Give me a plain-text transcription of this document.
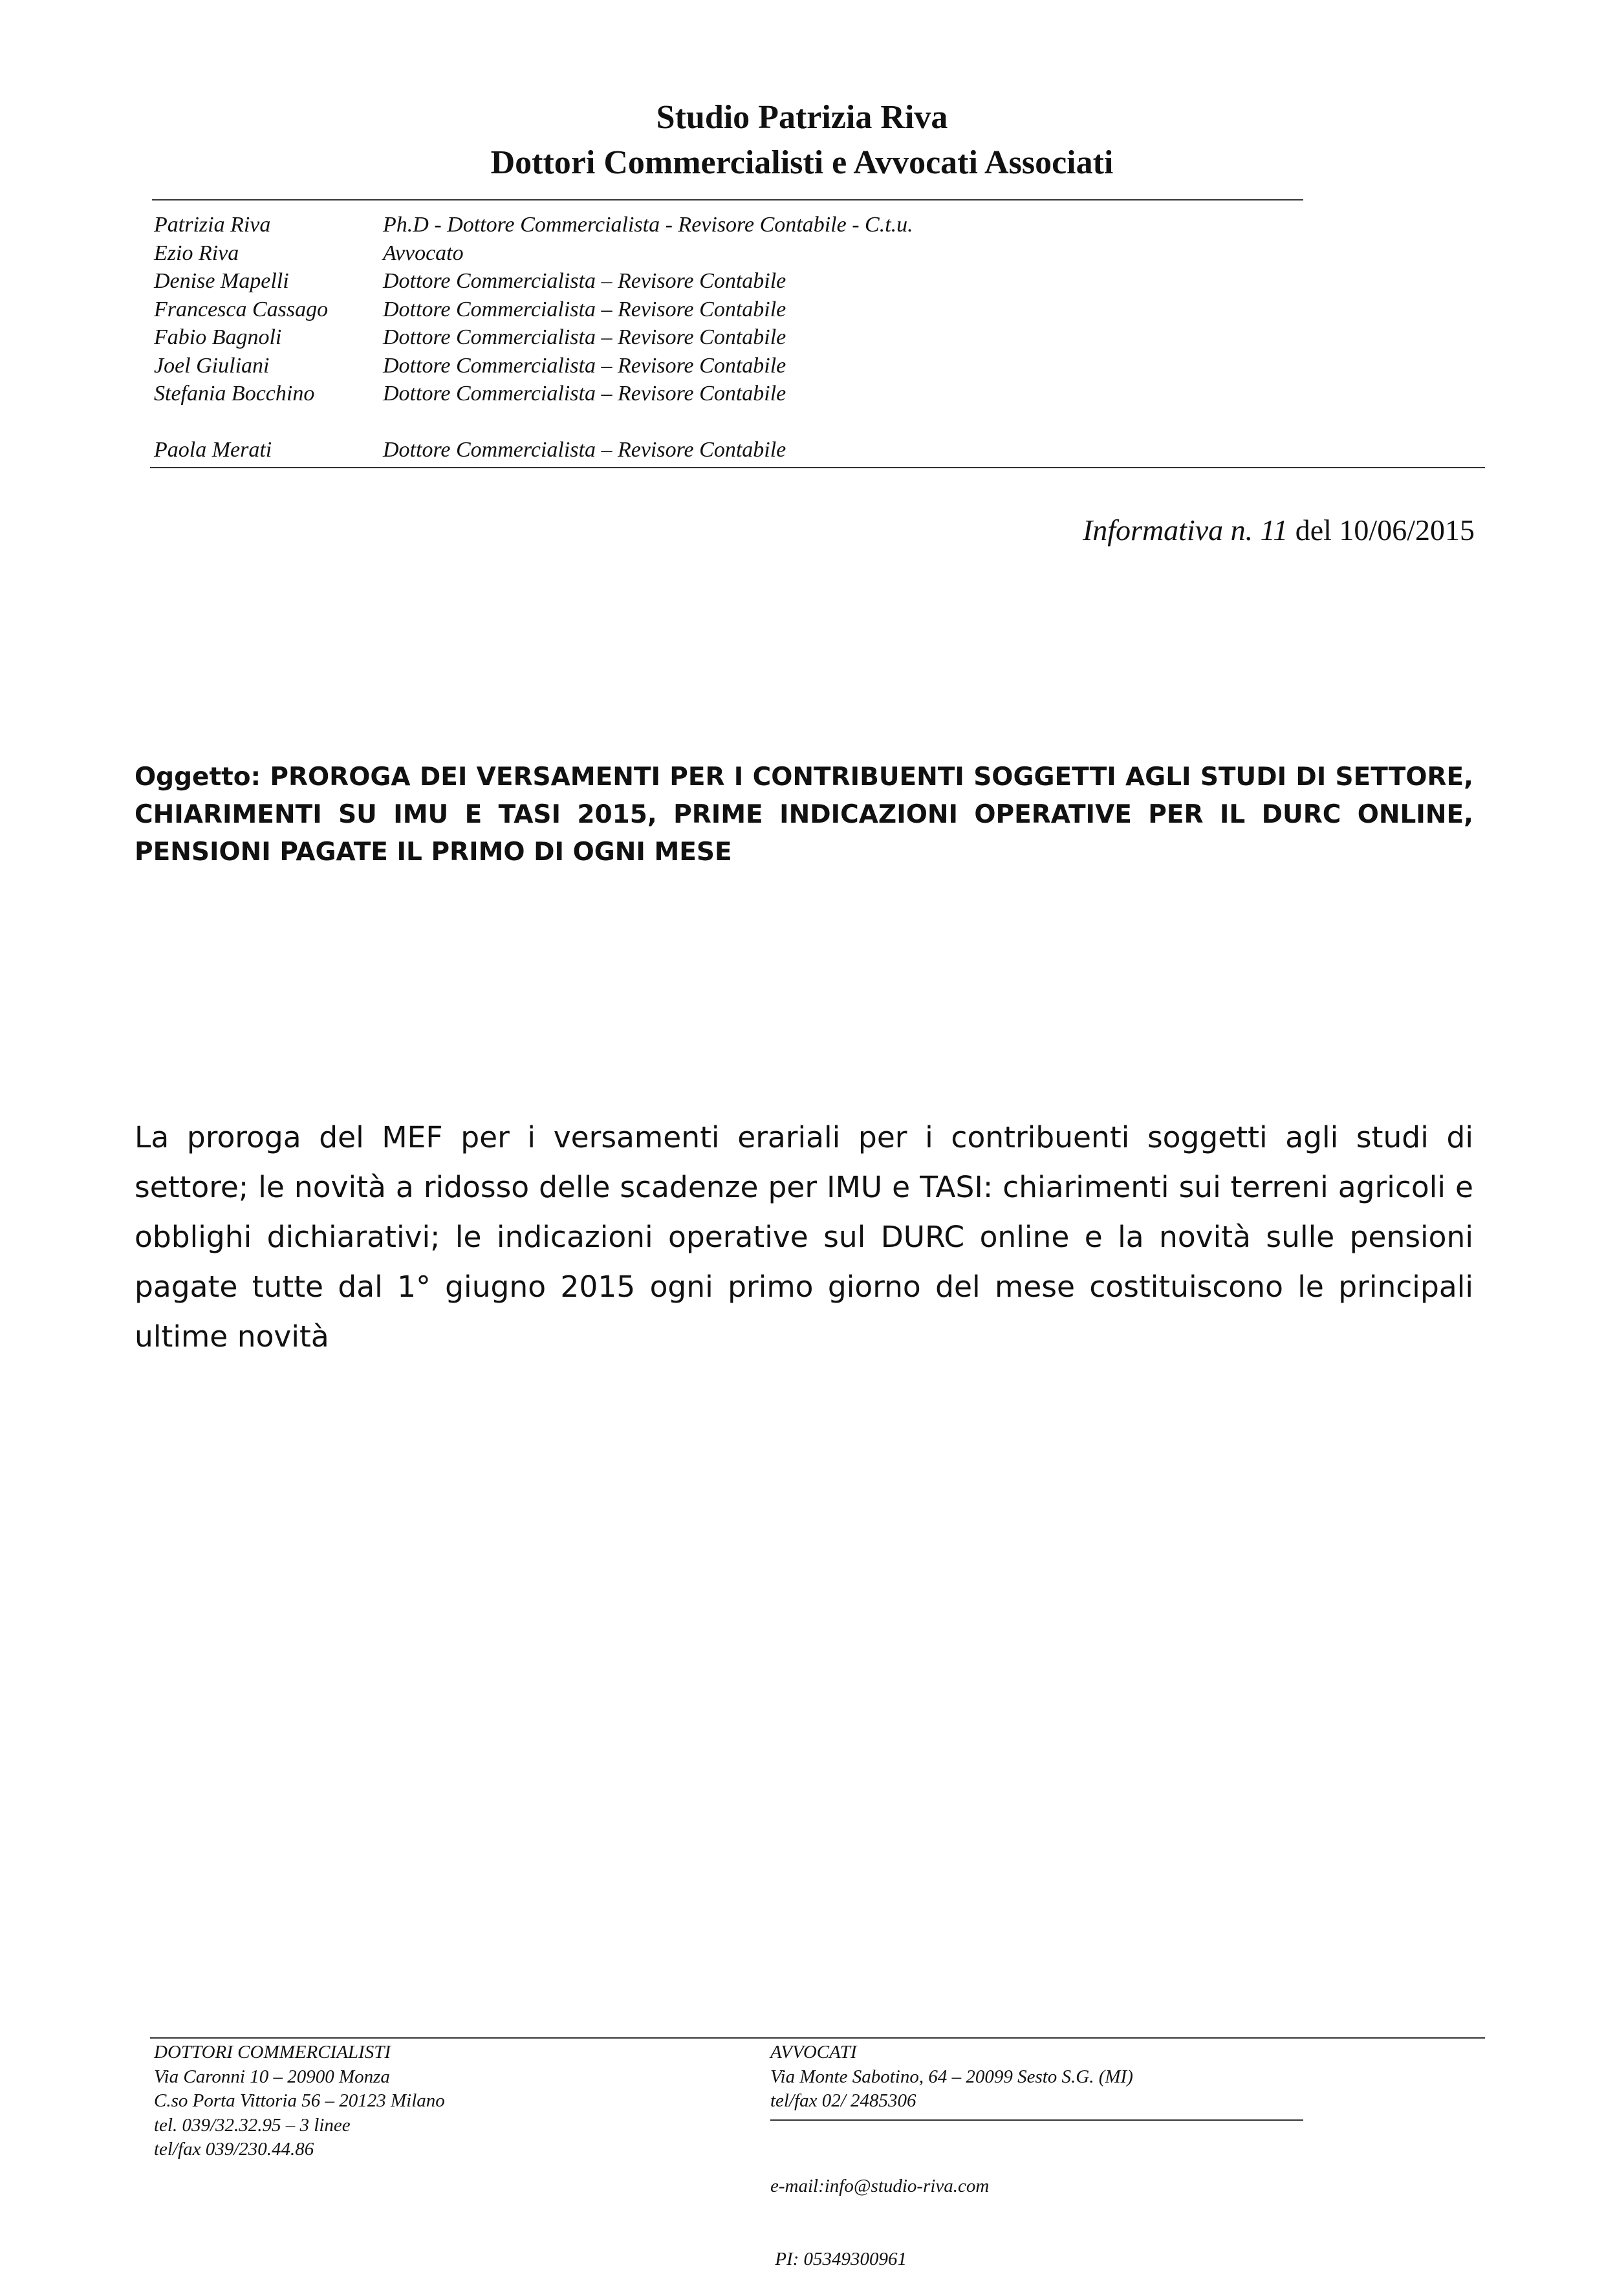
Studio Patrizia Riva
Dottori Commercialisti e Avvocati Associati
Patrizia Riva	Ph.D - Dottore Commercialista - Revisore Contabile - C.t.u.
Ezio Riva	Avvocato
Denise Mapelli	Dottore Commercialista – Revisore Contabile
Francesca Cassago	Dottore Commercialista – Revisore Contabile
Fabio Bagnoli	Dottore Commercialista – Revisore Contabile
Joel Giuliani	Dottore Commercialista – Revisore Contabile
Stefania Bocchino	Dottore Commercialista – Revisore Contabile
Paola Merati	Dottore Commercialista – Revisore Contabile
Informativa n. 11 del 10/06/2015
Oggetto: PROROGA DEI VERSAMENTI PER I CONTRIBUENTI SOGGETTI AGLI STUDI DI SETTORE, CHIARIMENTI SU IMU E TASI 2015, PRIME INDICAZIONI OPERATIVE PER IL DURC ONLINE, PENSIONI PAGATE IL PRIMO DI OGNI MESE
La proroga del MEF per i versamenti erariali per i contribuenti soggetti agli studi di settore; le novità a ridosso delle scadenze per IMU e TASI: chiarimenti sui terreni agricoli e obblighi dichiarativi; le indicazioni operative sul DURC online e la novità sulle pensioni pagate tutte dal 1° giugno 2015 ogni primo giorno del mese costituiscono le principali ultime novità
DOTTORI COMMERCIALISTI
Via Caronni 10 – 20900 Monza
C.so Porta Vittoria 56 – 20123 Milano
tel. 039/32.32.95 – 3 linee
tel/fax 039/230.44.86
AVVOCATI
Via Monte Sabotino, 64 – 20099 Sesto S.G. (MI)
tel/fax 02/ 2485306

e-mail:info@studio-riva.com

PI: 05349300961
